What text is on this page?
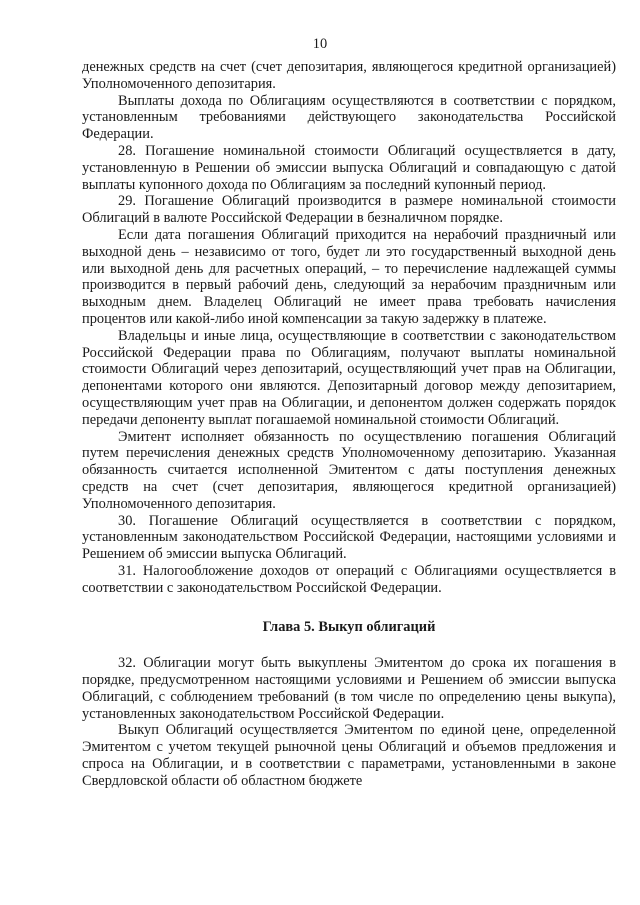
10

денежных средств на счет (счет депозитария, являющегося кредитной организацией) Уполномоченного депозитария.

Выплаты дохода по Облигациям осуществляются в соответствии с порядком, установленным требованиями действующего законодательства Российской Федерации.

28. Погашение номинальной стоимости Облигаций осуществляется в дату, установленную в Решении об эмиссии выпуска Облигаций и совпадающую с датой выплаты купонного дохода по Облигациям за последний купонный период.

29. Погашение Облигаций производится в размере номинальной стоимости Облигаций в валюте Российской Федерации в безналичном порядке.

Если дата погашения Облигаций приходится на нерабочий праздничный или выходной день – независимо от того, будет ли это государственный выходной день или выходной день для расчетных операций, – то перечисление надлежащей суммы производится в первый рабочий день, следующий за нерабочим праздничным или выходным днем. Владелец Облигаций не имеет права требовать начисления процентов или какой-либо иной компенсации за такую задержку в платеже.

Владельцы и иные лица, осуществляющие в соответствии с законодательством Российской Федерации права по Облигациям, получают выплаты номинальной стоимости Облигаций через депозитарий, осуществляющий учет прав на Облигации, депонентами которого они являются. Депозитарный договор между депозитарием, осуществляющим учет прав на Облигации, и депонентом должен содержать порядок передачи депоненту выплат погашаемой номинальной стоимости Облигаций.

Эмитент исполняет обязанность по осуществлению погашения Облигаций путем перечисления денежных средств Уполномоченному депозитарию. Указанная обязанность считается исполненной Эмитентом с даты поступления денежных средств на счет (счет депозитария, являющегося кредитной организацией) Уполномоченного депозитария.

30. Погашение Облигаций осуществляется в соответствии с порядком, установленным законодательством Российской Федерации, настоящими условиями и Решением об эмиссии выпуска Облигаций.

31. Налогообложение доходов от операций с Облигациями осуществляется в соответствии с законодательством Российской Федерации.

Глава 5. Выкуп облигаций

32. Облигации могут быть выкуплены Эмитентом до срока их погашения в порядке, предусмотренном настоящими условиями и Решением об эмиссии выпуска Облигаций, с соблюдением требований (в том числе по определению цены выкупа), установленных законодательством Российской Федерации.

Выкуп Облигаций осуществляется Эмитентом по единой цене, определенной Эмитентом с учетом текущей рыночной цены Облигаций и объемов предложения и спроса на Облигации, и в соответствии с параметрами, установленными в законе Свердловской области об областном бюджете
